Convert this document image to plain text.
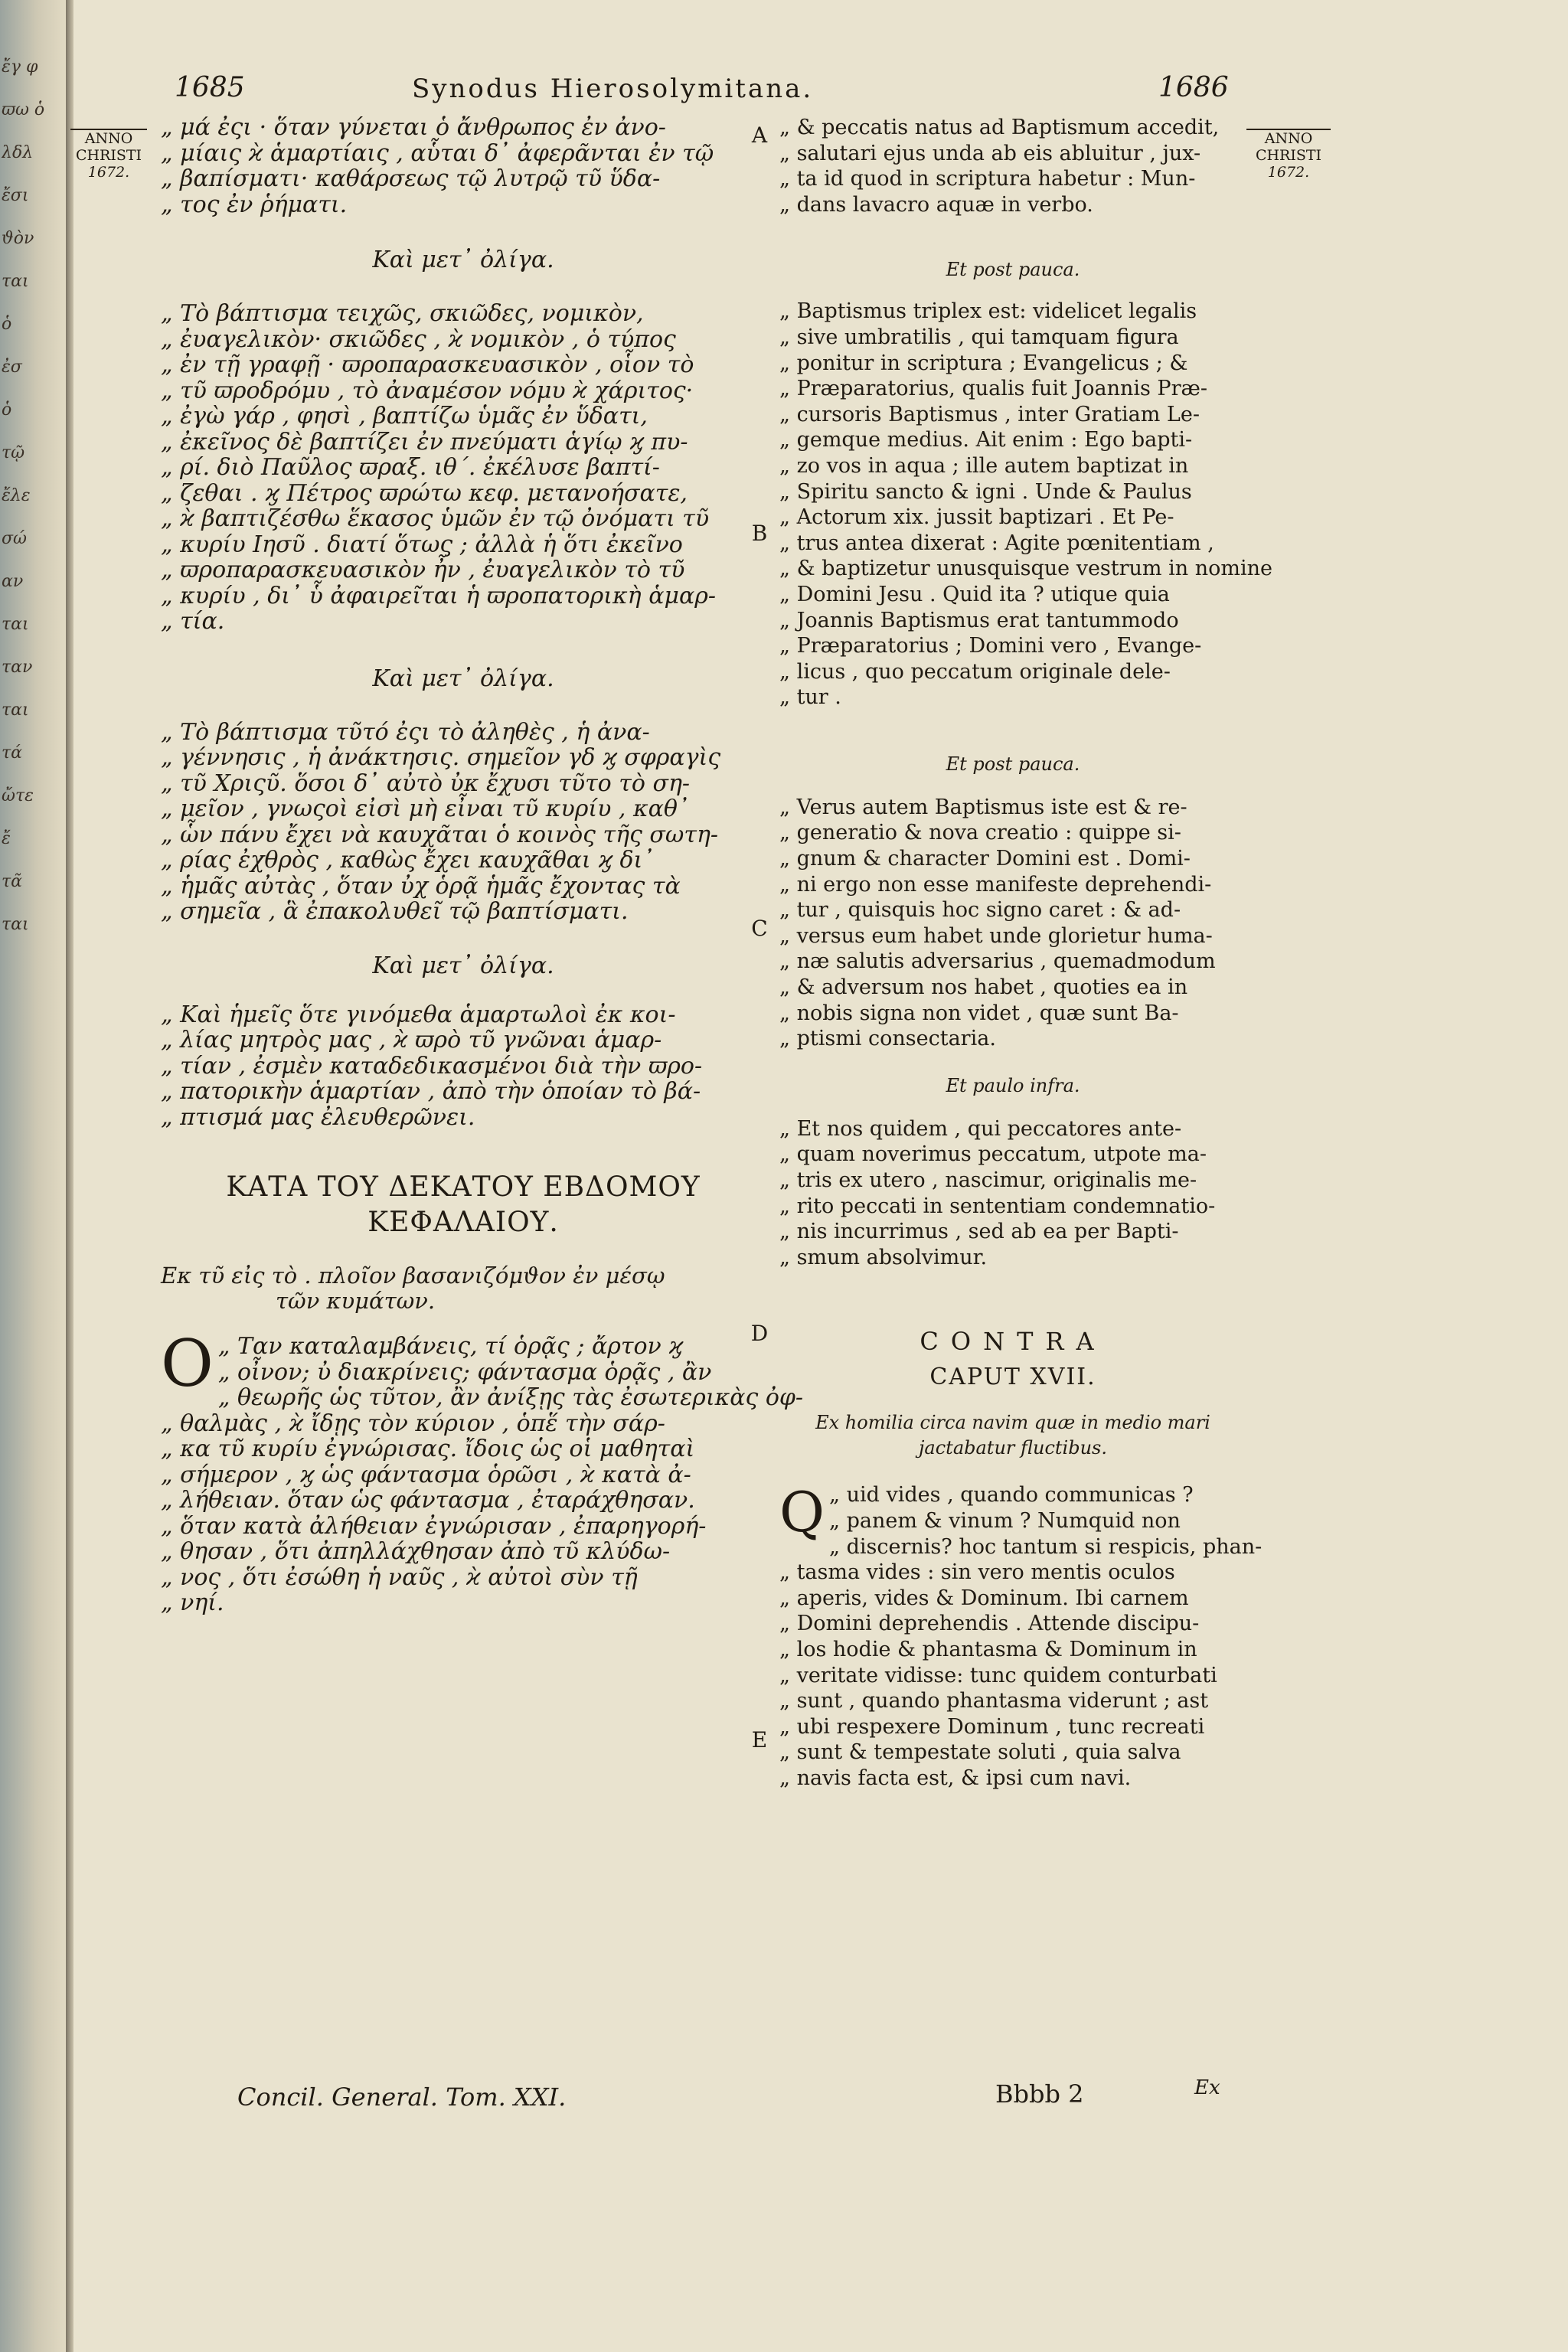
ἔγ φ
ϖω ὁ
λδλ
ἔσι
ϑὸν
ται
ὁ
ἐσ
ὁ
τῷ
ἔλε
σώ
αν
ται
ταν
ται
τά
ὤτε
ἔ
τᾶ
ται
1685	Synodus Hierosolymitana.	1686
ANNO
CHRISTI
1672.
ANNO
CHRISTI
1672.
„ μά ἐςι · ὅταν γύνεται ὁ ἄνθρωπος ἐν ἀνο-
„ μίαις ϰ̀ ἁμαρτίαις , αὗται δ᾽ ἀφερᾶνται ἐν τῷ
„ βαπίσματι· καθάρσεως τῷ λυτρῷ τῦ ὕδα-
„ τος ἐν ῥήματι.
Καὶ μετ᾽ ὀλίγα.
„ Τὸ βάπτισμα τειχῶς, σκιῶδες, νομικὸν,
„ ἐυαγελικὸν· σκιῶδες , ϰ̀ νομικὸν , ὁ τύπος
„ ἐν τῇ γραφῇ · ϖροπαρασκευασικὸν , οἷον τὸ
„ τῦ ϖροδρόμυ , τὸ ἀναμέσον νόμυ ϰ̀ χάριτος·
„ ἐγὼ γάρ , φησὶ , βαπτίζω ὑμᾶς ἐν ὕδατι,
„ ἐκεῖνος δὲ βαπτίζει ἐν πνεύματι ἁγίῳ ϗ πυ-
„ ρί. διὸ Παῦλος ϖραξ. ιθ´. ἐκέλυσε βαπτί-
„ ζεθαι . ϗ Πέτρος ϖρώτω κεφ. μετανοήσατε,
„ ϰ̀ βαπτιζέσθω ἕκασος ὑμῶν ἐν τῷ ὀνόματι τῦ
„ κυρίυ Ιησῦ . διατί ὅτως ; ἀλλὰ ἡ ὅτι ἐκεῖνο
„ ϖροπαρασκευασικὸν ἦν , ἐυαγελικὸν τὸ τῦ
„ κυρίυ , δι᾽ ὗ ἀφαιρεῖται ἡ ϖροπατορικὴ ἁμαρ-
„ τία.
Καὶ μετ᾽ ὀλίγα.
„ Τὸ βάπτισμα τῦτό ἐςι τὸ ἀληθὲς , ἡ ἀνα-
„ γέννησις , ἡ ἀνάκτησις. σημεῖον γδ ϗ σφραγὶς
„ τῦ Χριςῦ. ὅσοι δ᾽ αὐτὸ ὐκ ἔχυσι τῦτο τὸ ση-
„ μεῖον , γνωςοὶ εἰσὶ μὴ εἶναι τῦ κυρίυ , καθ᾽
„ ὧν πάνυ ἔχει νὰ καυχᾶται ὁ κοινὸς τῆς σωτη-
„ ρίας ἐχθρὸς , καθὼς ἔχει καυχᾶθαι ϗ δι᾽
„ ἡμᾶς αὐτὰς , ὅταν ὐχ ὁρᾷ ἡμᾶς ἔχοντας τὰ
„ σημεῖα , ἃ ἐπακολυθεῖ τῷ βαπτίσματι.
Καὶ μετ᾽ ὀλίγα.
„ Καὶ ἡμεῖς ὅτε γινόμεθα ἁμαρτωλοὶ ἐκ κοι-
„ λίας μητρὸς μας , ϰ̀ ϖρὸ τῦ γνῶναι ἁμαρ-
„ τίαν , ἐσμὲν καταδεδικασμένοι διὰ τὴν ϖρο-
„ πατορικὴν ἁμαρτίαν , ἀπὸ τὴν ὁποίαν τὸ βά-
„ πτισμά μας ἐλευθερῶνει.
ΚΑΤΑ ΤΟΥ ΔΕΚΑΤΟΥ ΕΒΔΟΜΟΥ
ΚΕΦΑΛΑΙΟΥ.
Εκ τῦ εἰς τὸ . πλοῖον βασανιζόμϑον ἐν μέσῳ
τῶν κυμάτων.
Ο „ Ταν καταλαμβάνεις, τί ὁρᾷς ; ἄρτον ϗ
„ οἶνον; ὐ διακρίνεις; φάντασμα ὁρᾷς , ἂν
„ θεωρῆς ὡς τῦτον, ἂν ἀνίξῃς τὰς ἐσωτερικὰς ὀφ-
„ θαλμὰς , ϰ̀ ἴδῃς τὸν κύριον , ὁπἕ τὴν σάρ-
„ κα τῦ κυρίυ ἐγνώρισας. ἴδοις ὡς οἱ μαθηταὶ
„ σήμερον , ϗ ὡς φάντασμα ὁρῶσι , ϰ̀ κατὰ ἀ-
„ λήθειαν. ὅταν ὡς φάντασμα , ἐταράχθησαν.
„ ὅταν κατὰ ἀλήθειαν ἐγνώρισαν , ἐπαρηγορή-
„ θησαν , ὅτι ἀπηλλάχθησαν ἀπὸ τῦ κλύδω-
„ νος , ὅτι ἐσώθη ἡ ναῦς , ϰ̀ αὐτοὶ σὺν τῇ
„ νηί.
„ & peccatis natus ad Baptismum accedit,
„ salutari ejus unda ab eis abluitur , jux-
„ ta id quod in scriptura habetur : Mun-
„ dans lavacro aquæ in verbo.
Et post pauca.
„ Baptismus triplex est: videlicet legalis
„ sive umbratilis , qui tamquam figura
„ ponitur in scriptura ; Evangelicus ; &
„ Præparatorius, qualis fuit Joannis Præ-
„ cursoris Baptismus , inter Gratiam Le-
„ gemque medius. Ait enim : Ego bapti-
„ zo vos in aqua ; ille autem baptizat in
„ Spiritu sancto & igni . Unde & Paulus
„ Actorum xix. jussit baptizari . Et Pe-
„ trus antea dixerat : Agite pœnitentiam ,
„ & baptizetur unusquisque vestrum in nomine
„ Domini Jesu . Quid ita ? utique quia
„ Joannis Baptismus erat tantummodo
„ Præparatorius ; Domini vero , Evange-
„ licus , quo peccatum originale dele-
„ tur .
Et post pauca.
„ Verus autem Baptismus iste est & re-
„ generatio & nova creatio : quippe si-
„ gnum & character Domini est . Domi-
„ ni ergo non esse manifeste deprehendi-
„ tur , quisquis hoc signo caret : & ad-
„ versus eum habet unde glorietur huma-
„ næ salutis adversarius , quemadmodum
„ & adversum nos habet , quoties ea in
„ nobis signa non videt , quæ sunt Ba-
„ ptismi consectaria.
Et paulo infra.
„ Et nos quidem , qui peccatores ante-
„ quam noverimus peccatum, utpote ma-
„ tris ex utero , nascimur, originalis me-
„ rito peccati in sententiam condemnatio-
„ nis incurrimus , sed ab ea per Bapti-
„ smum absolvimur.
CONTRA
CAPUT XVII.
Ex homilia circa navim quæ in medio mari
jactabatur fluctibus.
Q „ uid vides , quando communicas ?
„ panem & vinum ? Numquid non
„ discernis? hoc tantum si respicis, phan-
„ tasma vides : sin vero mentis oculos
„ aperis, vides & Dominum. Ibi carnem
„ Domini deprehendis . Attende discipu-
„ los hodie & phantasma & Dominum in
„ veritate vidisse: tunc quidem conturbati
„ sunt , quando phantasma viderunt ; ast
„ ubi respexere Dominum , tunc recreati
„ sunt & tempestate soluti , quia salva
„ navis facta est, & ipsi cum navi.
A
B
C
D
E
Concil. General. Tom. XXI.	Bbbb 2	Ex
